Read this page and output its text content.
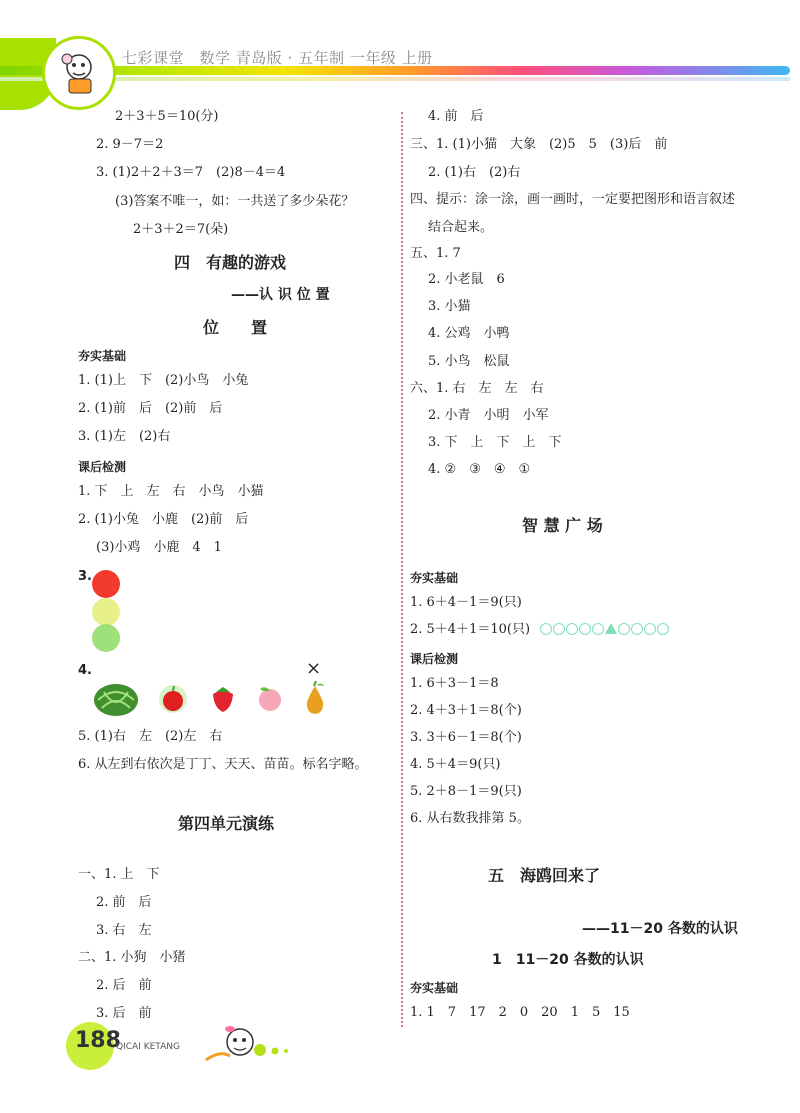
七彩课堂　数学 青岛版 · 五年制 一年级 上册
2＋3＋5＝10(分)
2. 9－7＝2
3. (1)2＋2＋3＝7　(2)8－4＝4
(3)答案不唯一，如：一共送了多少朵花？
2＋3＋2＝7(朵)
四　有趣的游戏
——认 识 位 置
位　　置
夯实基础
1. (1)上　下　(2)小鸟　小兔
2. (1)前　后　(2)前　后
3. (1)左　(2)右
课后检测
1. 下　上　左　右　小鸟　小猫
2. (1)小兔　小鹿　(2)前　后
(3)小鸡　小鹿　4　1
3.
4.	×
5. (1)右　左　(2)左　右
6. 从左到右依次是丁丁、天天、苗苗。标名字略。
第四单元演练
一、1. 上　下
2. 前　后
3. 右　左
二、1. 小狗　小猪
2. 后　前
3. 后　前
4. 前　后
三、1. (1)小猫　大象　(2)5　5　(3)后　前
2. (1)右　(2)右
四、提示：涂一涂，画一画时，一定要把图形和语言叙述
结合起来。
五、1. 7
2. 小老鼠　6
3. 小猫
4. 公鸡　小鸭
5. 小鸟　松鼠
六、1. 右　左　左　右
2. 小青　小明　小军
3. 下　上　下　上　下
4. ②　③　④　①
智 慧 广 场
夯实基础
1. 6＋4－1＝9(只)
2. 5＋4＋1＝10(只)
课后检测
1. 6＋3－1＝8
2. 4＋3＋1＝8(个)
3. 3＋6－1＝8(个)
4. 5＋4＝9(只)
5. 2＋8－1＝9(只)
6. 从右数我排第 5。
五　海鸥回来了
——11－20 各数的认识
1　11－20 各数的认识
夯实基础
1. 1　7　17　2　0　20　1　5　15
188
QICAI KETANG
